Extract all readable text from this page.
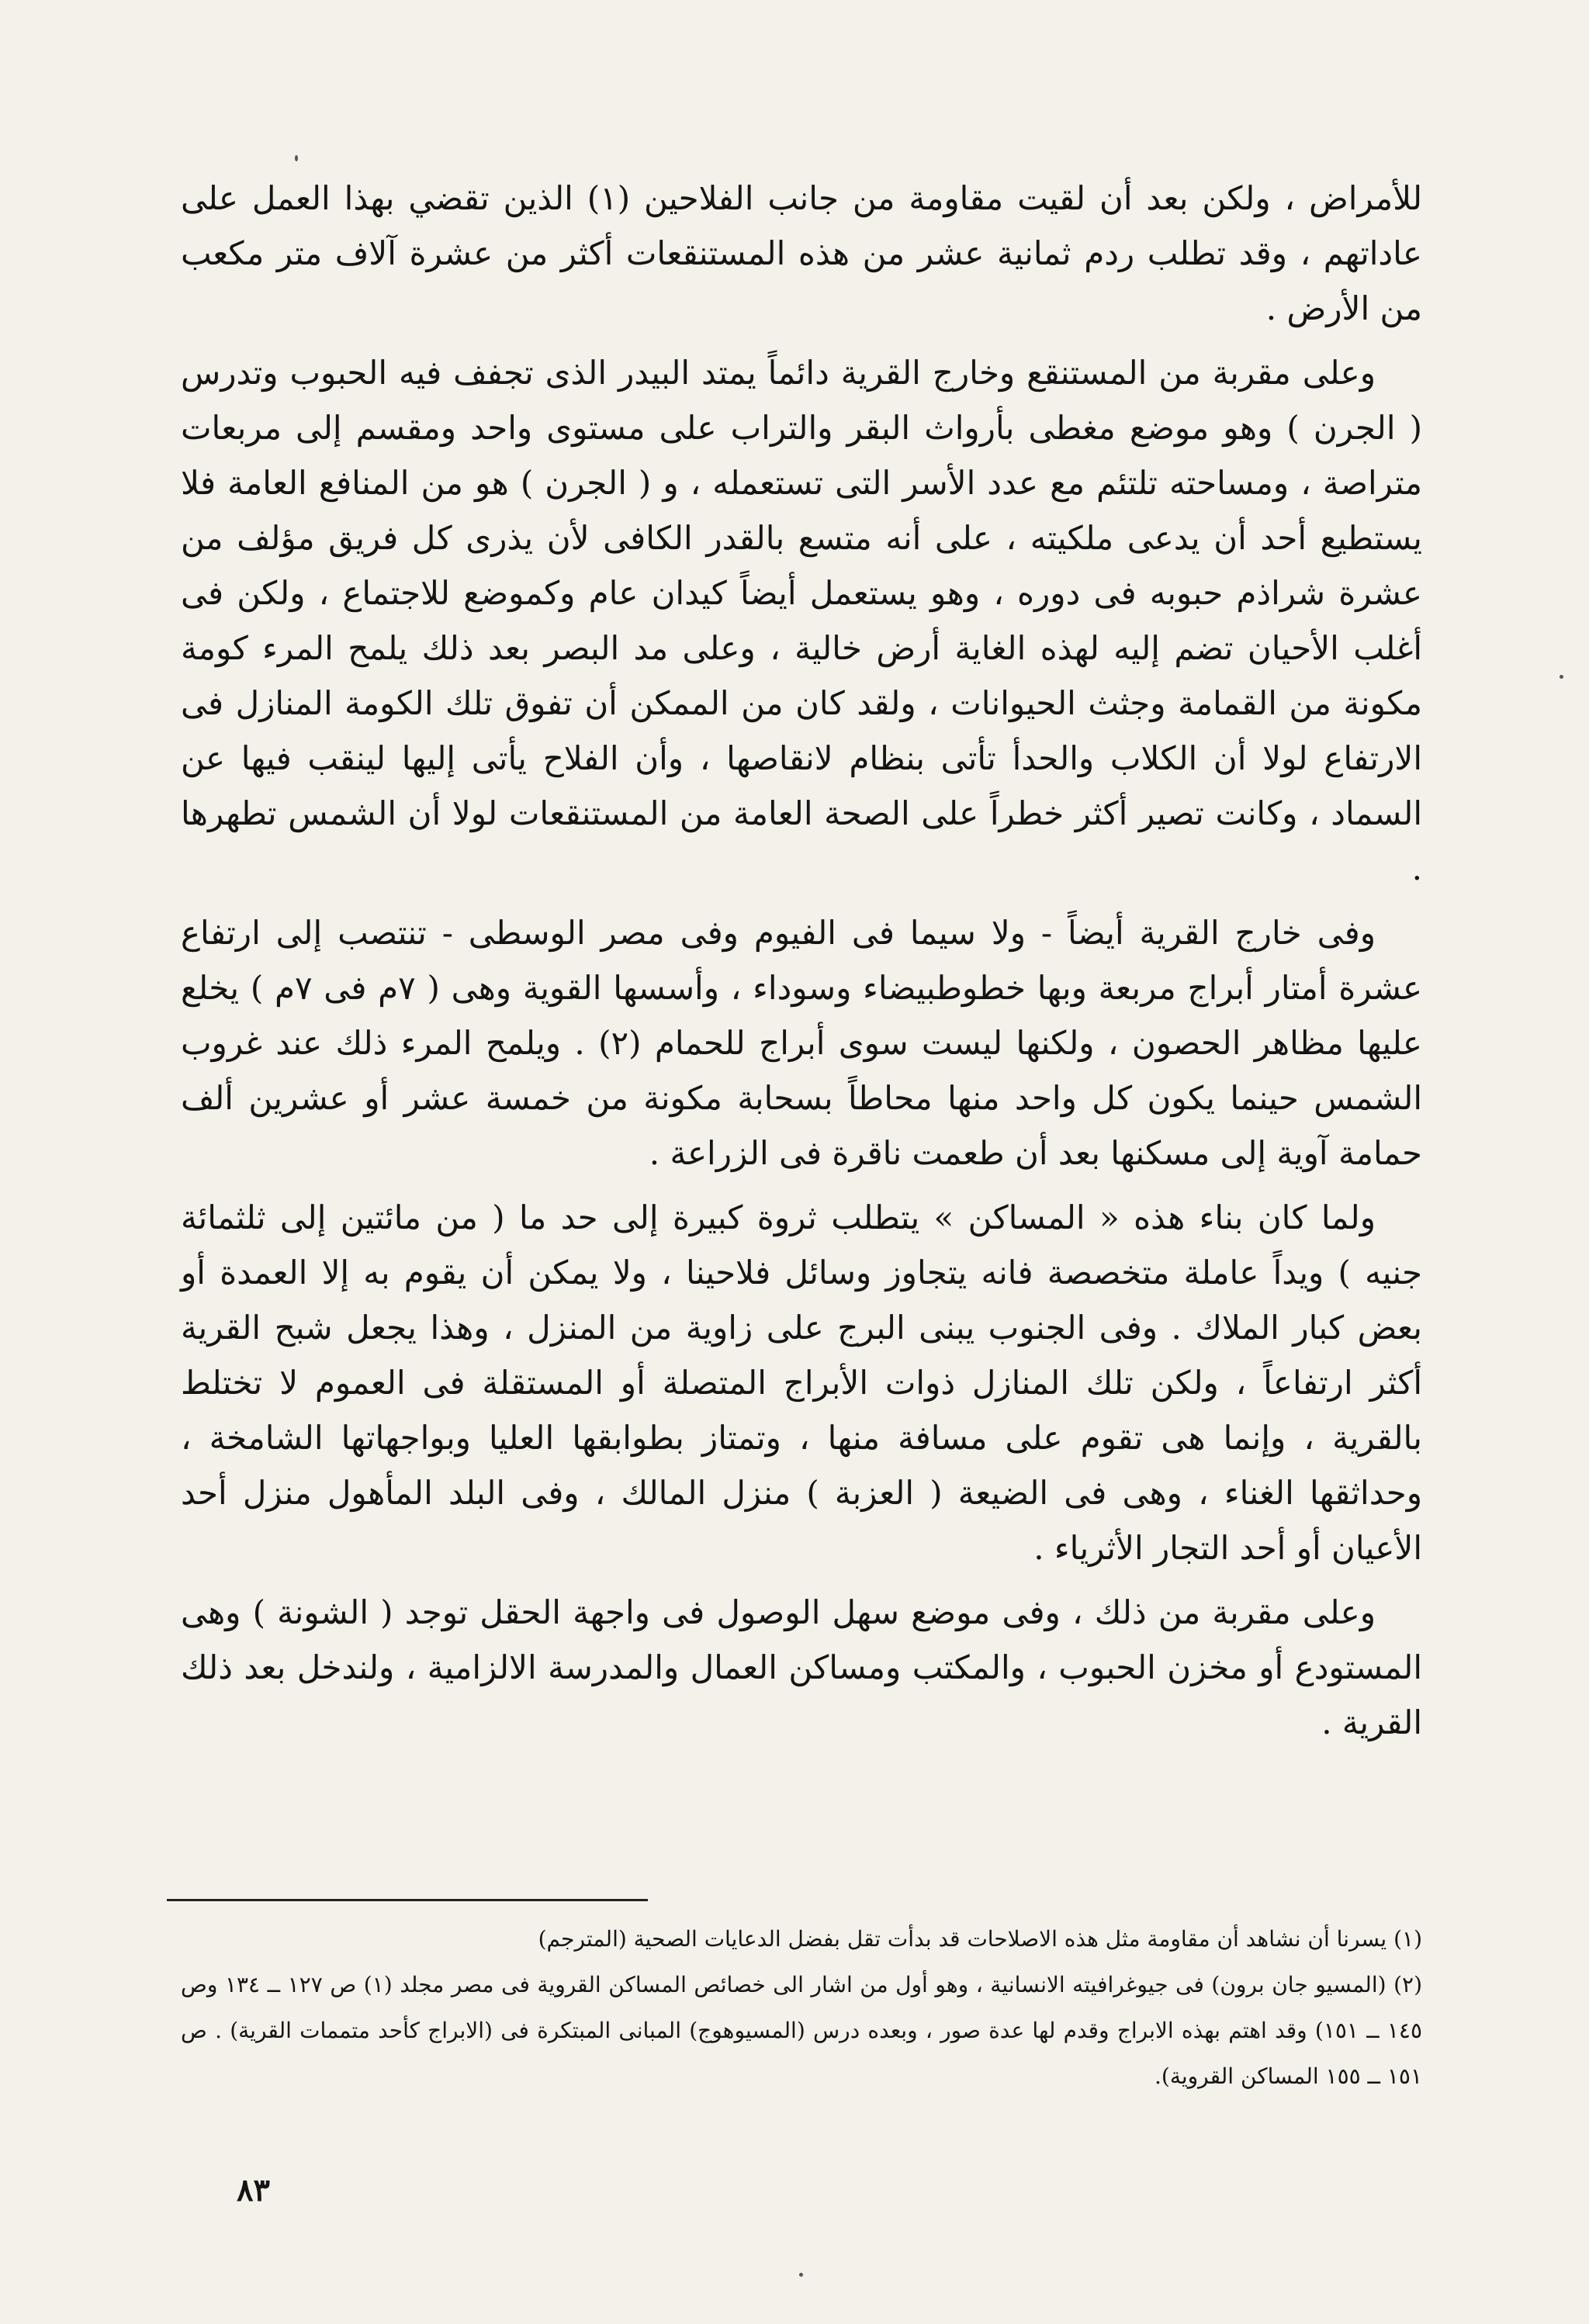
للأمراض ، ولكن بعد أن لقيت مقاومة من جانب الفلاحين (١) الذين تقضي بهذا العمل على عاداتهم ، وقد تطلب ردم ثمانية عشر من هذه المستنقعات أكثر من عشرة آلاف متر مكعب من الأرض .

وعلى مقربة من المستنقع وخارج القرية دائماً يمتد البيدر الذى تجفف فيه الحبوب وتدرس ( الجرن ) وهو موضع مغطى بأرواث البقر والتراب على مستوى واحد ومقسم إلى مربعات متراصة ، ومساحته تلتئم مع عدد الأسر التى تستعمله ، و ( الجرن ) هو من المنافع العامة فلا يستطيع أحد أن يدعى ملكيته ، على أنه متسع بالقدر الكافى لأن يذرى كل فريق مؤلف من عشرة شراذم حبوبه فى دوره ، وهو يستعمل أيضاً كيدان عام وكموضع للاجتماع ، ولكن فى أغلب الأحيان تضم إليه لهذه الغاية أرض خالية ، وعلى مد البصر بعد ذلك يلمح المرء كومة مكونة من القمامة وجثث الحيوانات ، ولقد كان من الممكن أن تفوق تلك الكومة المنازل فى الارتفاع لولا أن الكلاب والحدأ تأتى بنظام لانقاصها ، وأن الفلاح يأتى إليها لينقب فيها عن السماد ، وكانت تصير أكثر خطراً على الصحة العامة من المستنقعات لولا أن الشمس تطهرها .

وفى خارج القرية أيضاً - ولا سيما فى الفيوم وفى مصر الوسطى - تنتصب إلى ارتفاع عشرة أمتار أبراج مربعة وبها خطوطبيضاء وسوداء ، وأسسها القوية وهى ( ٧م فى ٧م ) يخلع عليها مظاهر الحصون ، ولكنها ليست سوى أبراج للحمام (٢) . ويلمح المرء ذلك عند غروب الشمس حينما يكون كل واحد منها محاطاً بسحابة مكونة من خمسة عشر أو عشرين ألف حمامة آوية إلى مسكنها بعد أن طعمت ناقرة فى الزراعة .

ولما كان بناء هذه « المساكن » يتطلب ثروة كبيرة إلى حد ما ( من مائتين إلى ثلثمائة جنيه ) ويداً عاملة متخصصة فانه يتجاوز وسائل فلاحينا ، ولا يمكن أن يقوم به إلا العمدة أو بعض كبار الملاك . وفى الجنوب يبنى البرج على زاوية من المنزل ، وهذا يجعل شبح القرية أكثر ارتفاعاً ، ولكن تلك المنازل ذوات الأبراج المتصلة أو المستقلة فى العموم لا تختلط بالقرية ، وإنما هى تقوم على مسافة منها ، وتمتاز بطوابقها العليا وبواجهاتها الشامخة ، وحداثقها الغناء ، وهى فى الضيعة ( العزبة ) منزل المالك ، وفى البلد المأهول منزل أحد الأعيان أو أحد التجار الأثرياء .

وعلى مقربة من ذلك ، وفى موضع سهل الوصول فى واجهة الحقل توجد ( الشونة ) وهى المستودع أو مخزن الحبوب ، والمكتب ومساكن العمال والمدرسة الالزامية ، ولندخل بعد ذلك القرية .

(١) يسرنا أن نشاهد أن مقاومة مثل هذه الاصلاحات قد بدأت تقل بفضل الدعايات الصحية (المترجم)

(٢) (المسيو جان برون) فى جيوغرافيته الانسانية ، وهو أول من اشار الى خصائص المساكن القروية فى مصر مجلد (١) ص ١٢٧ ــ ١٣٤ وص ١٤٥ ــ ١٥١) وقد اهتم بهذه الابراج وقدم لها عدة صور ، وبعده درس (المسيوهوج) المبانى المبتكرة فى (الابراج كأحد متممات القرية) . ص ١٥١ ــ ١٥٥ المساكن القروية).

٨٣
